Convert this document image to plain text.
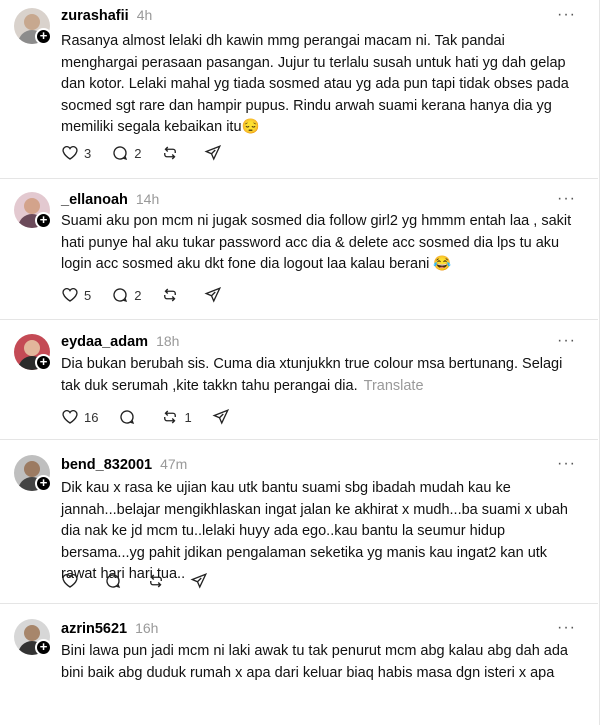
+
zurashafii 4h	···
Rasanya almost lelaki dh kawin mmg perangai macam ni. Tak pandai menghargai perasaan pasangan. Jujur tu terlalu susah untuk hati yg dah gelap dan kotor. Lelaki mahal yg tiada sosmed atau yg ada pun tapi tidak obses pada socmed sgt rare dan hampir pupus. Rindu arwah suami kerana hanya dia yg memiliki segala kebaikan itu😔
3	2
+
_ellanoah 14h	···
Suami aku pon mcm ni jugak sosmed dia follow girl2 yg hmmm entah laa , sakit hati punye hal aku tukar password acc dia & delete acc sosmed dia lps tu aku login acc sosmed aku dkt fone dia logout laa kalau berani 😂
5	2
+
eydaa_adam 18h	···
Dia bukan berubah sis. Cuma dia xtunjukkn true colour msa bertunang. Selagi tak duk serumah ,kite takkn tahu perangai dia. Translate
16	1
+
bend_832001 47m	···
Dik kau x rasa ke ujian kau utk bantu suami sbg ibadah mudah kau ke jannah...belajar mengikhlaskan ingat jalan ke akhirat x mudh...ba suami x ubah dia nak ke jd mcm tu..lelaki huyy ada ego..kau bantu la seumur hidup bersama...yg pahit jdikan pengalaman seketika yg manis kau ingat2 kan utk rawat hari hari tua..
+
azrin5621 16h	···
Bini lawa pun jadi mcm ni laki awak tu tak penurut mcm abg kalau abg dah ada bini baik abg duduk rumah x apa dari keluar biaq habis masa dgn isteri x apa
